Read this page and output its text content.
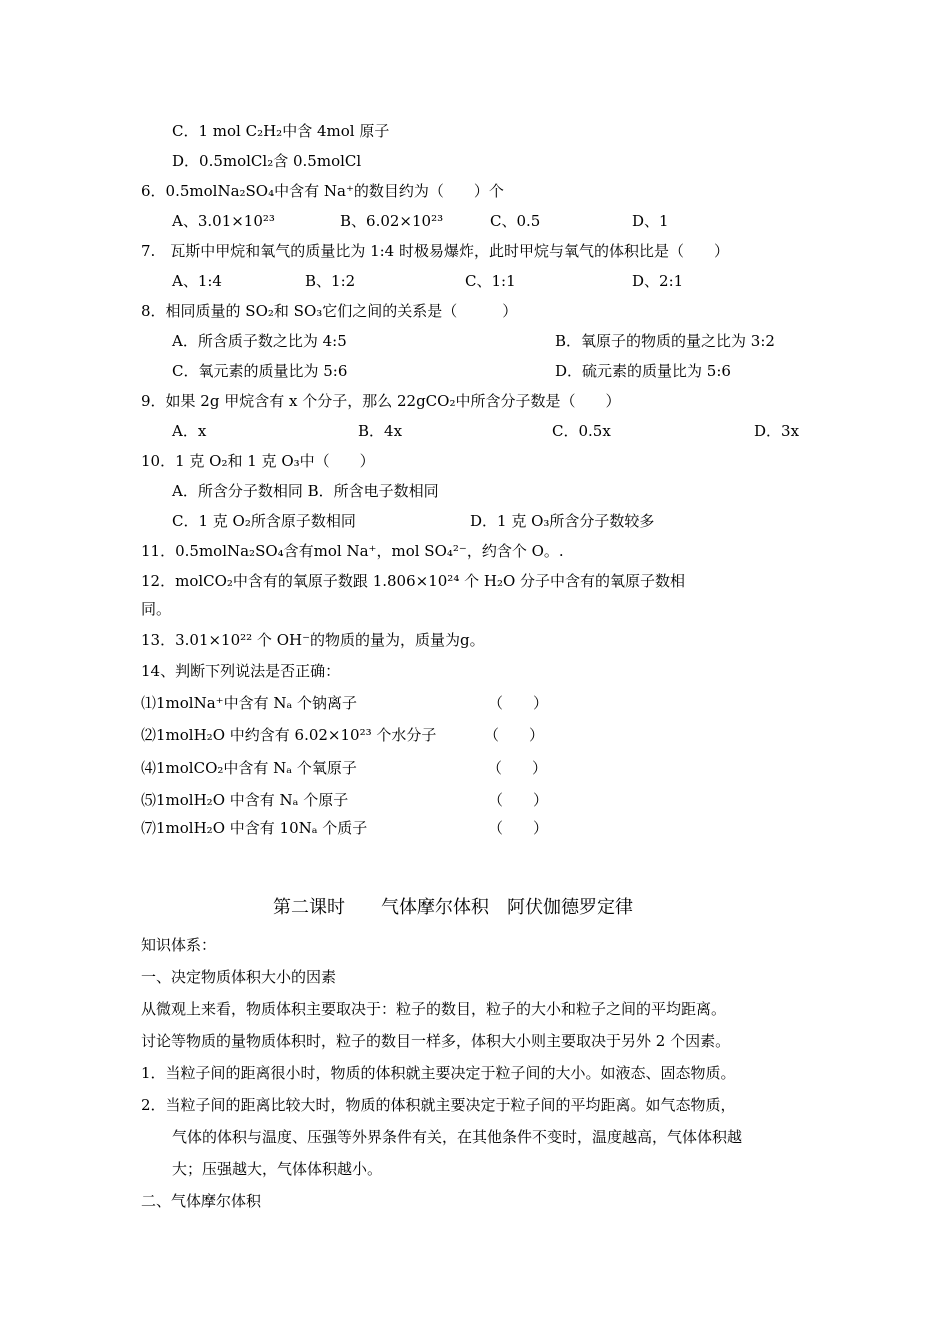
C．1 mol C₂H₂中含 4mol 原子
D．0.5molCl₂含 0.5molCl
6．0.5molNa₂SO₄中含有 Na⁺的数目约为（　　）个
A、3.01×10²³	B、6.02×10²³	C、0.5	D、1
7.　瓦斯中甲烷和氧气的质量比为 1:4 时极易爆炸，此时甲烷与氧气的体积比是（　　）
A、1:4	B、1:2	C、1:1	D、2:1
8．相同质量的 SO₂和 SO₃它们之间的关系是（　　　）
A．所含质子数之比为 4:5	B．氧原子的物质的量之比为 3:2
C．氧元素的质量比为 5:6	D．硫元素的质量比为 5:6
9．如果 2g 甲烷含有 x 个分子，那么 22gCO₂中所含分子数是（　　）
A．x	B．4x	C．0.5x	D．3x
10．1 克 O₂和 1 克 O₃中（　　）
A．所含分子数相同 B．所含电子数相同
C．1 克 O₂所含原子数相同	D．1 克 O₃所含分子数较多
11．0.5molNa₂SO₄含有mol Na⁺，mol SO₄²⁻，约含个 O。.
12．molCO₂中含有的氧原子数跟 1.806×10²⁴ 个 H₂O 分子中含有的氧原子数相
同。
13．3.01×10²² 个 OH⁻的物质的量为，质量为g。
14、判断下列说法是否正确：
⑴1molNa⁺中含有 Nₐ 个钠离子	（　　）
⑵1molH₂O 中约含有 6.02×10²³ 个水分子	（　　）
⑷1molCO₂中含有 Nₐ 个氧原子	（　　）
⑸1molH₂O 中含有 Nₐ 个原子	（　　）
⑺1molH₂O 中含有 10Nₐ 个质子	（　　）
第二课时　　气体摩尔体积　阿伏伽德罗定律
知识体系：
一、决定物质体积大小的因素
从微观上来看，物质体积主要取决于：粒子的数目，粒子的大小和粒子之间的平均距离。
讨论等物质的量物质体积时，粒子的数目一样多，体积大小则主要取决于另外 2 个因素。
1．当粒子间的距离很小时，物质的体积就主要决定于粒子间的大小。如液态、固态物质。
2．当粒子间的距离比较大时，物质的体积就主要决定于粒子间的平均距离。如气态物质，
气体的体积与温度、压强等外界条件有关，在其他条件不变时，温度越高，气体体积越
大；压强越大，气体体积越小。
二、气体摩尔体积
